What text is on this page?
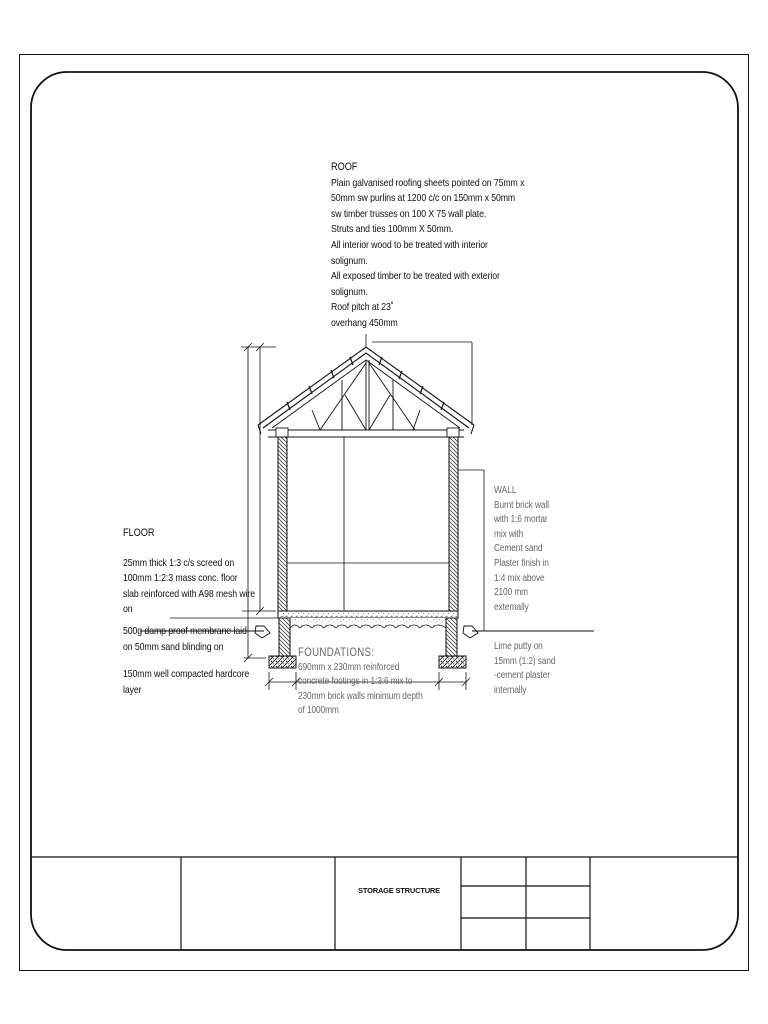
ROOF
Plain galvanised roofing sheets pointed on 75mm x
50mm sw purlins at 1200 c/c on 150mm x 50mm
sw timber trusses on 100 X 75 wall plate.
Struts and ties 100mm X 50mm.
All interior wood to be treated with interior
solignum.
All exposed timber to be treated with exterior
solignum.
Roof pitch at 23˚
overhang 450mm
FLOOR
25mm thick 1:3 c/s screed on
100mm 1:2:3 mass conc. floor
slab reinforced with A98 mesh wire
on
500g damp proof membrane laid
on 50mm sand blinding on
150mm well compacted hardcore
layer
WALL
Burnt brick wall
with 1:6 mortar
mix with
Cement sand
Plaster finish in
1:4 mix above
2100 mm
externally
Lime putty on
15mm (1:2) sand
-cement plaster
internally
FOUNDATIONS:
690mm x 230mm reinforced
concrete footings in 1:3:6 mix to
230mm brick walls minimum depth
of 1000mm
STORAGE STRUCTURE
